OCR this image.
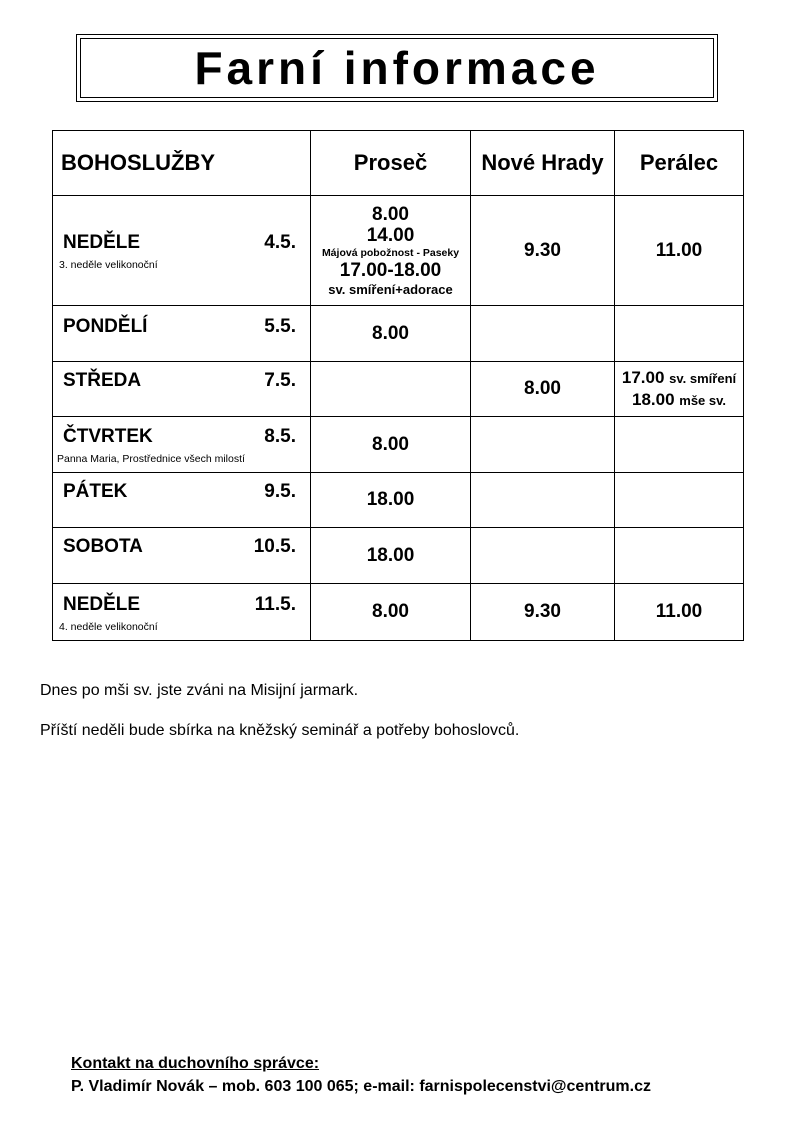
Farní informace
BOHOSLUŽBY	Proseč	Nové Hrady	Perálec

NEDĚLE 4.5.
3. neděle velikonoční	8.00
14.00
Májová pobožnost - Paseky
17.00-18.00
sv. smíření+adorace	9.30	11.00

PONDĚLÍ 5.5.	8.00		

STŘEDA 7.5.		8.00	17.00 sv. smíření
18.00 mše sv.

ČTVRTEK 8.5.
Panna Maria, Prostřednice všech milostí	8.00		

PÁTEK 9.5.	18.00		

SOBOTA 10.5.	18.00		

NEDĚLE 11.5.
4. neděle velikonoční	8.00	9.30	11.00
Dnes po mši sv. jste zváni na Misijní jarmark.
Příští neděli bude sbírka na kněžský seminář a potřeby bohoslovců.
Kontakt na duchovního správce:
P. Vladimír Novák – mob. 603 100 065; e-mail: farnispolecenstvi@centrum.cz
